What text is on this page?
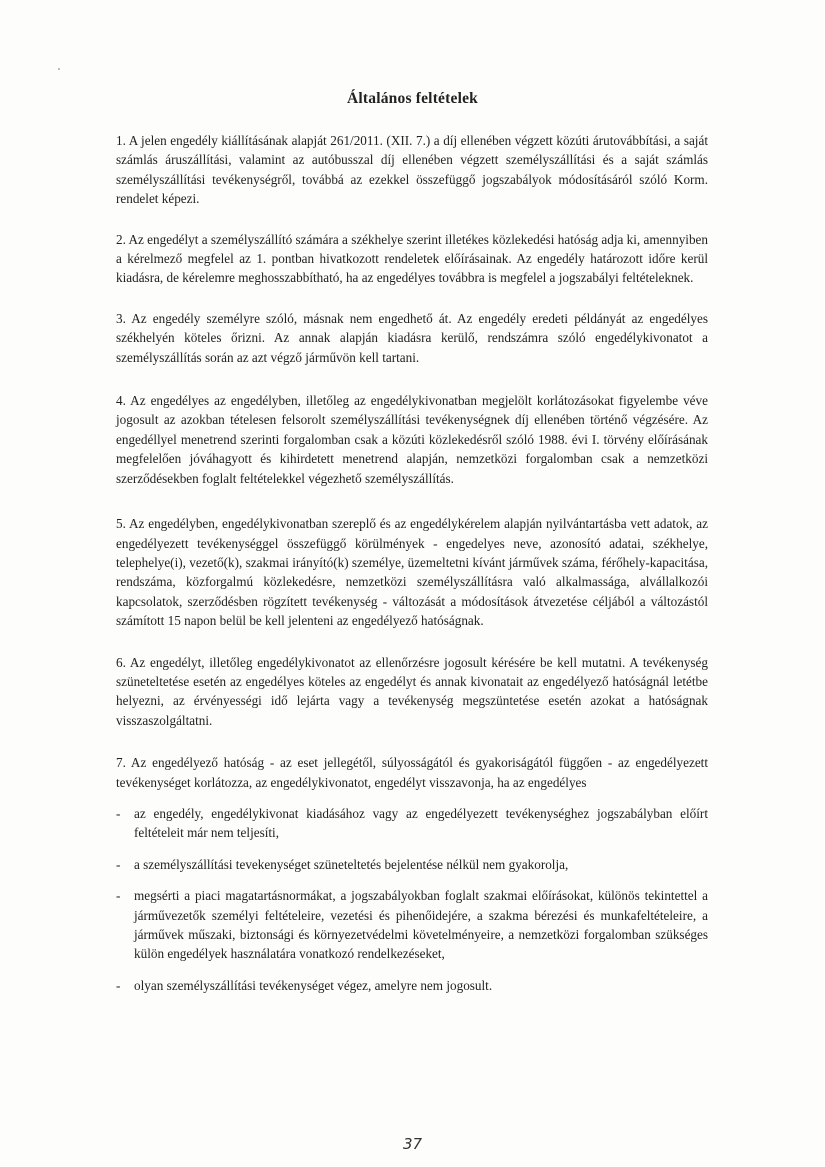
Általános feltételek

1. A jelen engedély kiállításának alapját 261/2011. (XII. 7.) a díj ellenében végzett közúti árutovábbítási, a saját számlás áruszállítási, valamint az autóbusszal díj ellenében végzett személyszállítási és a saját számlás személyszállítási tevékenységről, továbbá az ezekkel összefüggő jogszabályok módosításáról szóló Korm. rendelet képezi.

2. Az engedélyt a személyszállító számára a székhelye szerint illetékes közlekedési hatóság adja ki, amennyiben a kérelmező megfelel az 1. pontban hivatkozott rendeletek előírásainak. Az engedély határozott időre kerül kiadásra, de kérelemre meghosszabbítható, ha az engedélyes továbbra is megfelel a jogszabályi feltételeknek.

3. Az engedély személyre szóló, másnak nem engedhető át. Az engedély eredeti példányát az engedélyes székhelyén köteles őrizni. Az annak alapján kiadásra kerülő, rendszámra szóló engedélykivonatot a személyszállítás során az azt végző járművön kell tartani.

4. Az engedélyes az engedélyben, illetőleg az engedélykivonatban megjelölt korlátozásokat figyelembe véve jogosult az azokban tételesen felsorolt személyszállítási tevékenységnek díj ellenében történő végzésére. Az engedéllyel menetrend szerinti forgalomban csak a közúti közlekedésről szóló 1988. évi I. törvény előírásának megfelelően jóváhagyott és kihirdetett menetrend alapján, nemzetközi forgalomban csak a nemzetközi szerződésekben foglalt feltételekkel végezhető személyszállítás.

5. Az engedélyben, engedélykivonatban szereplő és az engedélykérelem alapján nyilvántartásba vett adatok, az engedélyezett tevékenységgel összefüggő körülmények - engedelyes neve, azonosító adatai, székhelye, telephelye(i), vezető(k), szakmai irányító(k) személye, üzemeltetni kívánt járművek száma, férőhely-kapacitása, rendszáma, közforgalmú közlekedésre, nemzetközi személyszállításra való alkalmassága, alvállalkozói kapcsolatok, szerződésben rögzített tevékenység - változását a módosítások átvezetése céljából a változástól számított 15 napon belül be kell jelenteni az engedélyező hatóságnak.

6. Az engedélyt, illetőleg engedélykivonatot az ellenőrzésre jogosult kérésére be kell mutatni. A tevékenység szüneteltetése esetén az engedélyes köteles az engedélyt és annak kivonatait az engedélyező hatóságnál letétbe helyezni, az érvényességi idő lejárta vagy a tevékenység megszüntetése esetén azokat a hatóságnak visszaszolgáltatni.

7. Az engedélyező hatóság - az eset jellegétől, súlyosságától és gyakoriságától függően - az engedélyezett tevékenységet korlátozza, az engedélykivonatot, engedélyt visszavonja, ha az engedélyes

- az engedély, engedélykivonat kiadásához vagy az engedélyezett tevékenységhez jogszabályban előírt feltételeit már nem teljesíti,
- a személyszállítási tevekenységet szüneteltetés bejelentése nélkül nem gyakorolja,
- megsérti a piaci magatartásnormákat, a jogszabályokban foglalt szakmai előírásokat, különös tekintettel a járművezetők személyi feltételeire, vezetési és pihenőidejére, a szakma bérezési és munkafeltételeire, a járművek műszaki, biztonsági és környezetvédelmi követelményeire, a nemzetközi forgalomban szükséges külön engedélyek használatára vonatkozó rendelkezéseket,
- olyan személyszállítási tevékenységet végez, amelyre nem jogosult.
37
